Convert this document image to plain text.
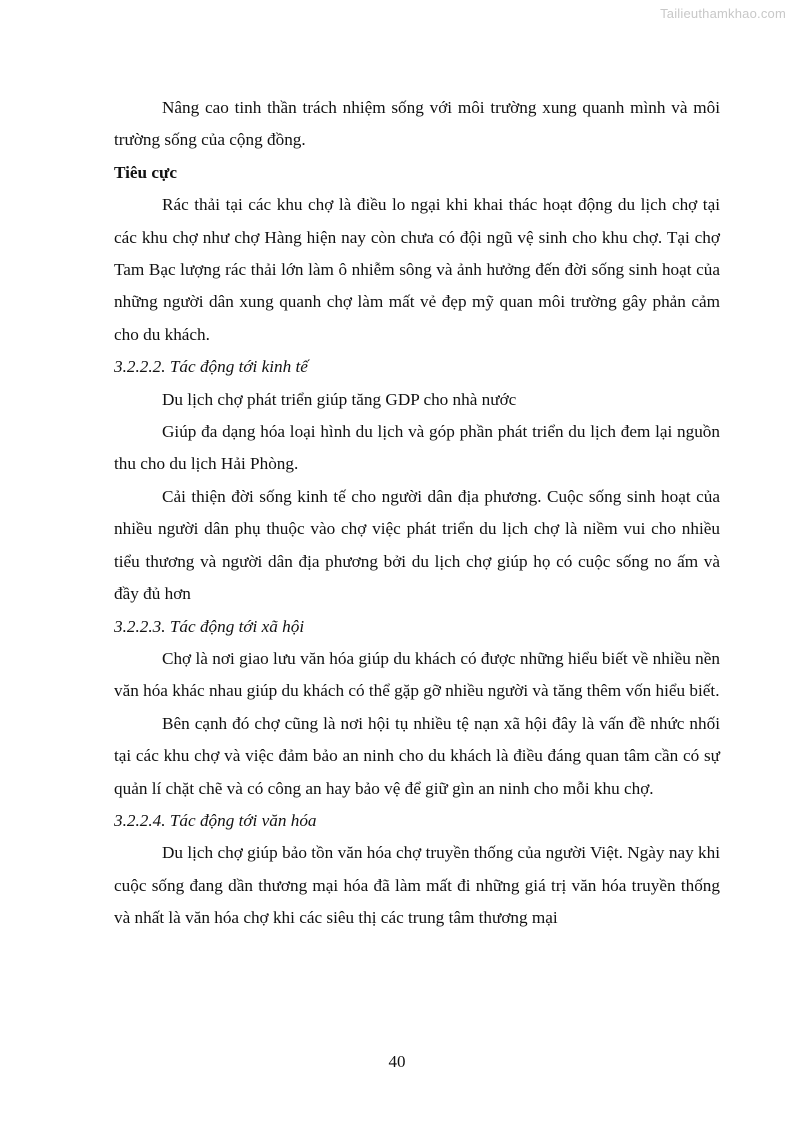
Tailieuthamkhao.com

Nâng cao tinh thần trách nhiệm sống với môi trường xung quanh mình và môi trường sống của cộng đồng.

Tiêu cực

Rác thải tại các khu chợ là điều lo ngại khi khai thác hoạt động du lịch chợ tại các khu chợ như chợ Hàng hiện nay còn chưa có đội ngũ vệ sinh cho khu chợ. Tại chợ Tam Bạc lượng rác thải lớn làm ô nhiễm sông và ảnh hưởng đến đời sống sinh hoạt của những người dân xung quanh chợ làm mất vẻ đẹp mỹ quan môi trường gây phản cảm cho du khách.

3.2.2.2. Tác động tới kinh tế

Du lịch chợ phát triển giúp tăng GDP cho nhà nước

Giúp đa dạng hóa loại hình du lịch và góp phần phát triển du lịch đem lại nguồn thu cho du lịch Hải Phòng.

Cải thiện đời sống kinh tế cho người dân địa phương. Cuộc sống sinh hoạt của nhiều người dân phụ thuộc vào chợ việc phát triển du lịch chợ là niềm vui cho nhiều tiểu thương và người dân địa phương bởi du lịch chợ giúp họ có cuộc sống no ấm và đầy đủ hơn

3.2.2.3. Tác động tới xã hội

Chợ là nơi giao lưu văn hóa giúp du khách có được những hiểu biết về nhiều nền văn hóa khác nhau giúp du khách có thể gặp gỡ nhiều người và tăng thêm vốn hiểu biết.

Bên cạnh đó chợ cũng là nơi hội tụ nhiều tệ nạn xã hội đây là vấn đề nhức nhối tại các khu chợ và việc đảm bảo an ninh cho du khách là điều đáng quan tâm cần có sự quản lí chặt chẽ và có công an hay bảo vệ để giữ gìn an ninh cho mỗi khu chợ.

3.2.2.4. Tác động tới văn hóa

Du lịch chợ giúp bảo tồn văn hóa chợ truyền thống của người Việt. Ngày nay khi cuộc sống đang dần thương mại hóa đã làm mất đi những giá trị văn hóa truyền thống và nhất là văn hóa chợ khi các siêu thị các trung tâm thương mại

40
